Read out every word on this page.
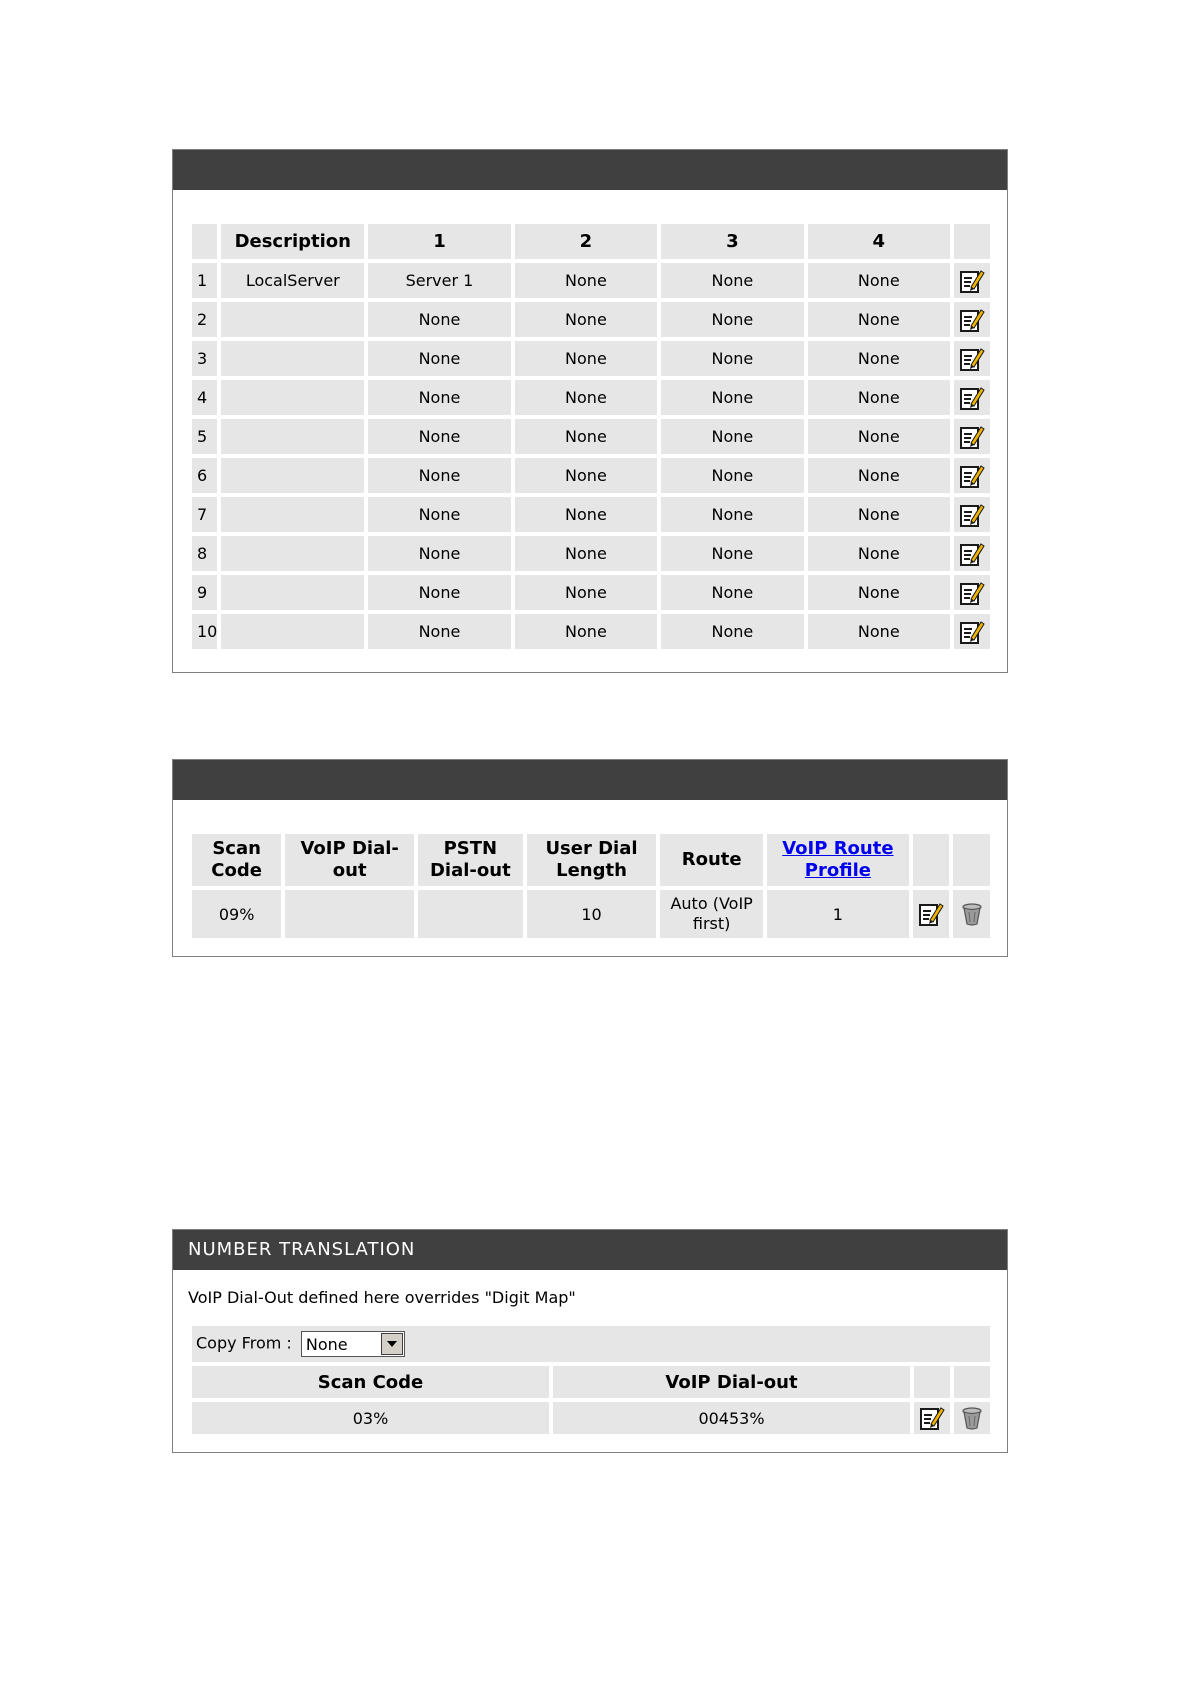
	Description	1	2	3	4	
1	LocalServer	Server 1	None	None	None	
2		None	None	None	None	
3		None	None	None	None	
4		None	None	None	None	
5		None	None	None	None	
6		None	None	None	None	
7		None	None	None	None	
8		None	None	None	None	
9		None	None	None	None	
10		None	None	None	None	
Scan Code	VoIP Dial-out	PSTN Dial-out	User Dial Length	Route	VoIP Route Profile		
09%			10	Auto (VoIP first)	1		
NUMBER TRANSLATION
VoIP Dial-Out defined here overrides "Digit Map"
Copy From : None			

Scan Code	VoIP Dial-out		
03%	00453%		
